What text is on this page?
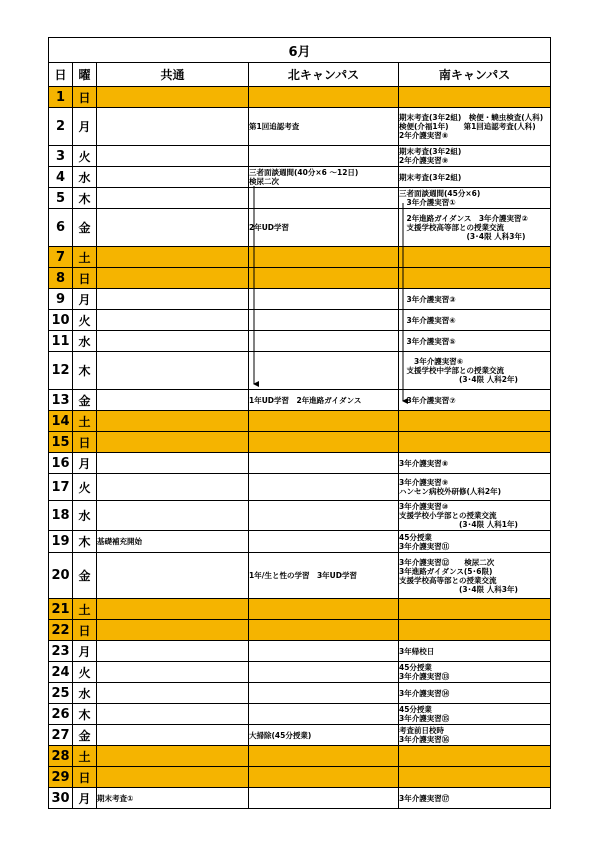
6月				
日	曜	共通	北キャンパス	南キャンパス
1	日			
2	月		第1回追認考査	期末考査(3年2組)　検便・蟯虫検査(人科)
検便(介福1年)　　第1回追認考査(人科)
2年介護実習⑧
3	火			期末考査(3年2組)
2年介護実習⑨
4	水		三者面談週間(40分×6 ～12日)
検尿二次	期末考査(3年2組)
5	木			三者面談週間(45分×6)
　3年介護実習①
6	金		2年UD学習	　2年進路ガイダンス　3年介護実習②
　支援学校高等部との授業交流
　　　　　　　　　(3･4限 人科3年)
7	土			
8	日			
9	月			　3年介護実習③
10	火			　3年介護実習④
11	水			　3年介護実習⑤
12	木			　　3年介護実習⑥
　支援学校中学部との授業交流
　　　　　　　　(3･4限 人科2年)
13	金		1年UD学習　2年進路ガイダンス	　3年介護実習⑦
14	土			
15	日			
16	月			3年介護実習⑧
17	火			3年介護実習⑨
ハンセン病校外研修(人科2年)
18	水			3年介護実習⑩
支援学校小学部との授業交流
　　　　　　　　(3･4限 人科1年)
19	木	基礎補充開始		45分授業
3年介護実習⑪
20	金		1年/生と性の学習　3年UD学習	3年介護実習⑫　　検尿二次
3年進路ガイダンス(5･6限)
支援学校高等部との授業交流
　　　　　　　　(3･4限 人科3年)
21	土			
22	日			
23	月			3年帰校日
24	火			45分授業
3年介護実習⑬
25	水			3年介護実習⑭
26	木			45分授業
3年介護実習⑮
27	金		大掃除(45分授業)	考査前日校時
3年介護実習⑯
28	土			
29	日			
30	月	期末考査①		3年介護実習⑰
